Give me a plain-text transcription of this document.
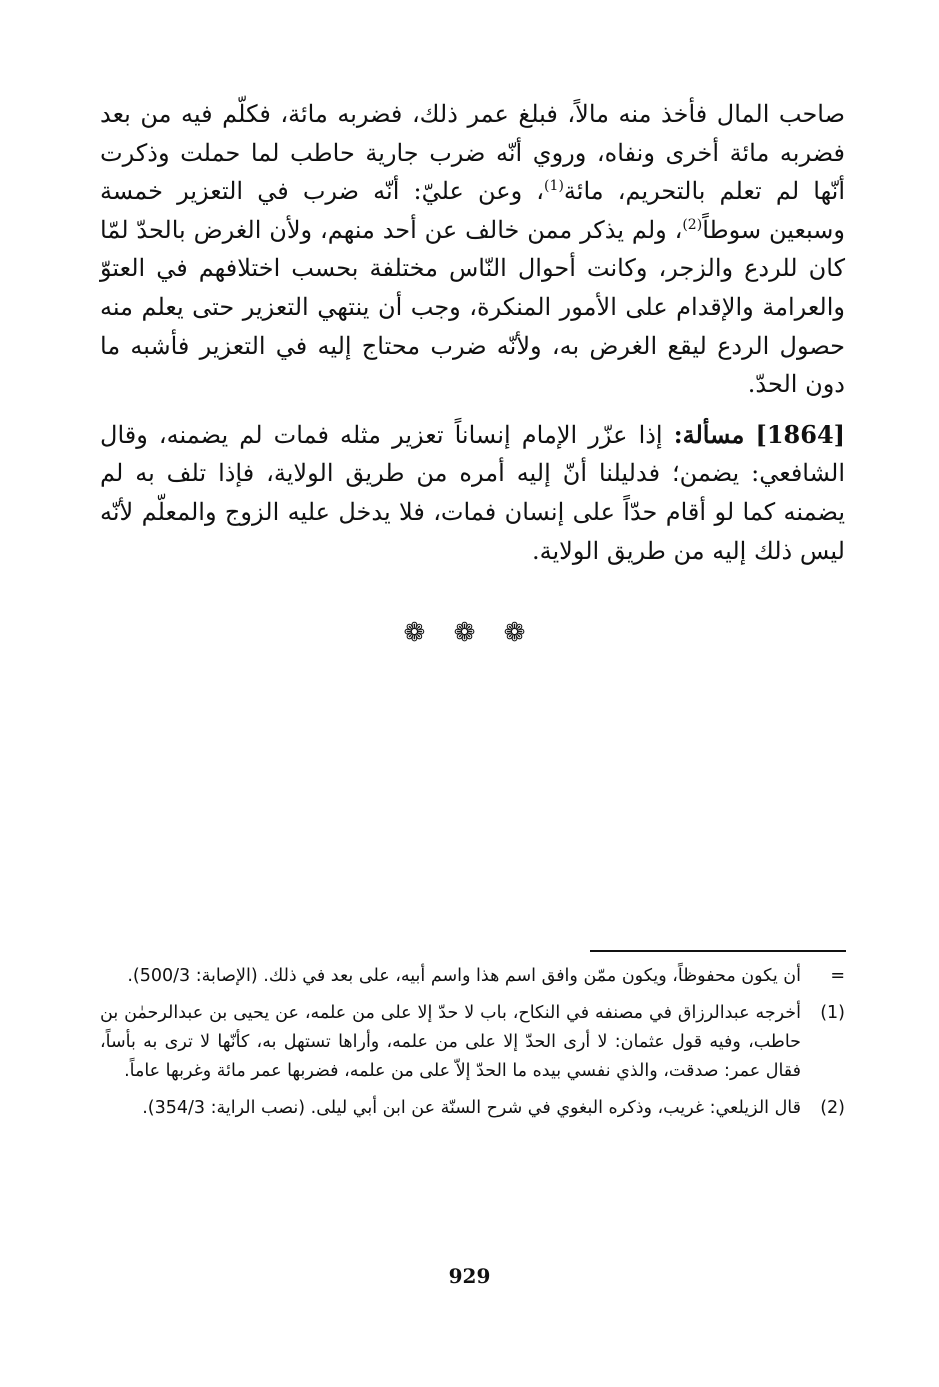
صاحب المال فأخذ منه مالاً، فبلغ عمر ذلك، فضربه مائة، فكلّم فيه من بعد فضربه مائة أخرى ونفاه، وروي أنّه ضرب جارية حاطب لما حملت وذكرت أنّها لم تعلم بالتحريم، مائة$^{(1)}$، وعن عليّ: أنّه ضرب في التعزير خمسة وسبعين سوطاً$^{(2)}$، ولم يذكر ممن خالف عن أحد منهم، ولأن الغرض بالحدّ لمّا كان للردع والزجر، وكانت أحوال النّاس مختلفة بحسب اختلافهم في العتوّ والعرامة والإقدام على الأمور المنكرة، وجب أن ينتهي التعزير حتى يعلم منه حصول الردع ليقع الغرض به، ولأنّه ضرب محتاج إليه في التعزير فأشبه ما دون الحدّ.

[1864] مسألة: إذا عزّر الإمام إنساناً تعزير مثله فمات لم يضمنه، وقال الشافعي: يضمن؛ فدليلنا أنّ إليه أمره من طريق الولاية، فإذا تلف به لم يضمنه كما لو أقام حدّاً على إنسان فمات، فلا يدخل عليه الزوج والمعلّم لأنّه ليس ذلك إليه من طريق الولاية.

❁ ❁ ❁
=
أن يكون محفوظاً، ويكون ممّن وافق اسم هذا واسم أبيه، على بعد في ذلك. (الإصابة: 500/3).
(1)
أخرجه عبدالرزاق في مصنفه في النكاح، باب لا حدّ إلا على من علمه، عن يحيى بن عبدالرحمٰن بن حاطب، وفيه قول عثمان: لا أرى الحدّ إلا على من علمه، وأراها تستهل به، كأنّها لا ترى به بأساً، فقال عمر: صدقت، والذي نفسي بيده ما الحدّ إلاّ على من علمه، فضربها عمر مائة وغربها عاماً.
(2)
قال الزيلعي: غريب، وذكره البغوي في شرح السنّة عن ابن أبي ليلى. (نصب الراية: 354/3).
929
